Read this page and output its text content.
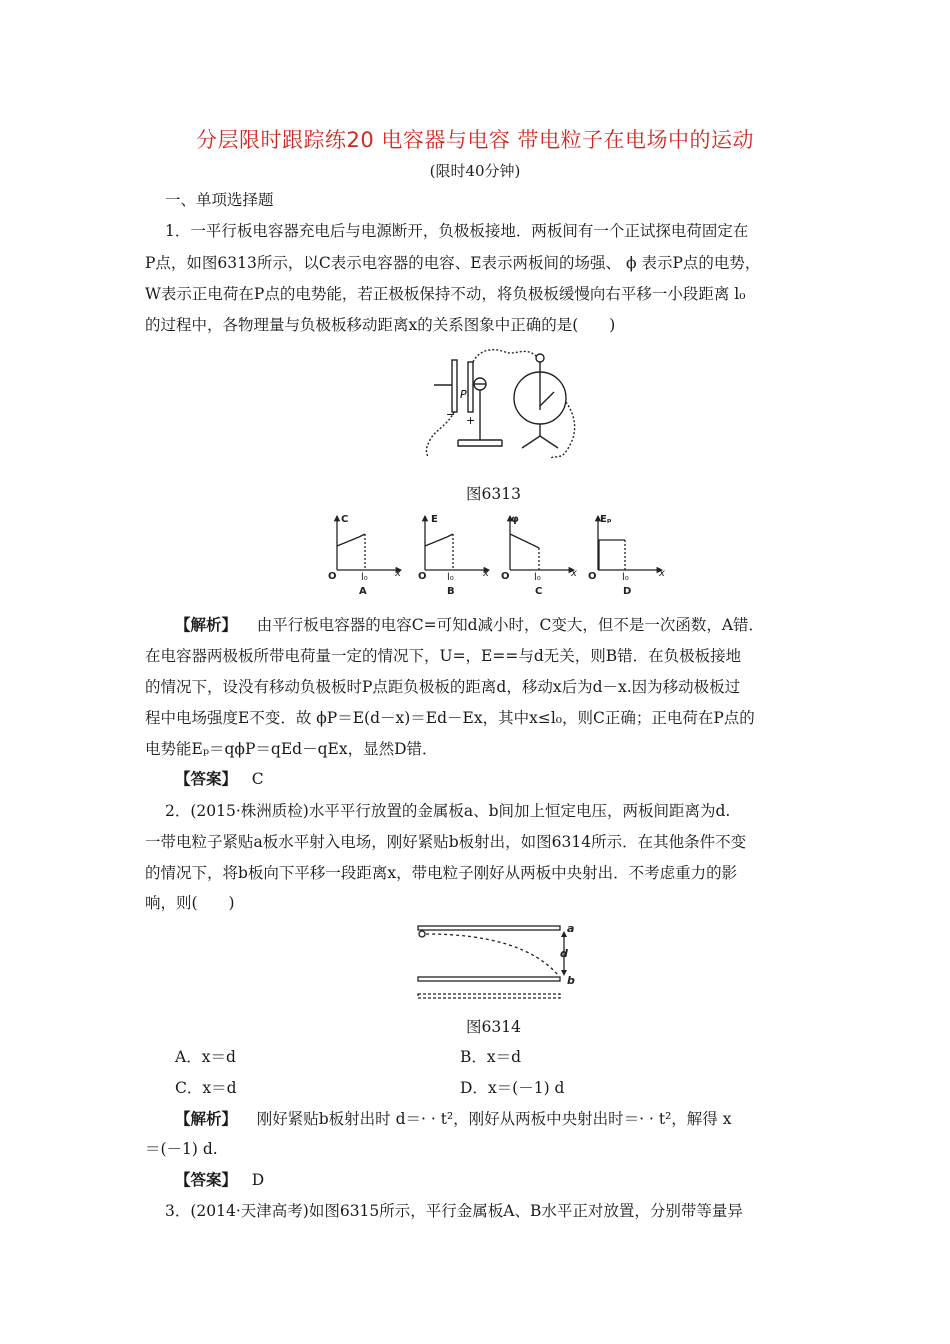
分层限时跟踪练20 电容器与电容 带电粒子在电场中的运动
(限时40分钟)
一、单项选择题
1．一平行板电容器充电后与电源断开，负极板接地．两板间有一个正试探电荷固定在
P点，如图6313所示，以C表示电容器的电容、E表示两板间的场强、 ϕ 表示P点的电势，
W表示正电荷在P点的电势能，若正极板保持不动，将负极板缓慢向右平移一小段距离 l₀
的过程中，各物理量与负极板移动距离x的关系图象中正确的是(　　)
P
− +
图6313
C
O l₀	x
A
E
O l₀	x
B
φ
O l₀	x
C
Eₚ
O	l₀	x
D
【解析】 由平行板电容器的电容C=可知d减小时，C变大，但不是一次函数，A错．
在电容器两极板所带电荷量一定的情况下，U=，E==与d无关，则B错．在负极板接地
的情况下，设没有移动负极板时P点距负极板的距离d，移动x后为d－x.因为移动极板过
程中电场强度E不变．故 ϕP＝E(d－x)＝Ed－Ex，其中x≤l₀，则C正确；正电荷在P点的
电势能Eₚ＝qϕP＝qEd－qEx，显然D错．
【答案】 C
2．(2015·株洲质检)水平平行放置的金属板a、b间加上恒定电压，两板间距离为d.
一带电粒子紧贴a板水平射入电场，刚好紧贴b板射出，如图6314所示．在其他条件不变
的情况下，将b板向下平移一段距离x，带电粒子刚好从两板中央射出．不考虑重力的影
响，则(　　)
a
d
b
图6314
A．x＝d	B．x＝d
C．x＝d	D．x＝(－1) d
【解析】 刚好紧贴b板射出时 d＝· · t²，刚好从两板中央射出时＝· · t²，解得 x
＝(－1) d.
【答案】 D
3．(2014·天津高考)如图6315所示，平行金属板A、B水平正对放置，分别带等量异
